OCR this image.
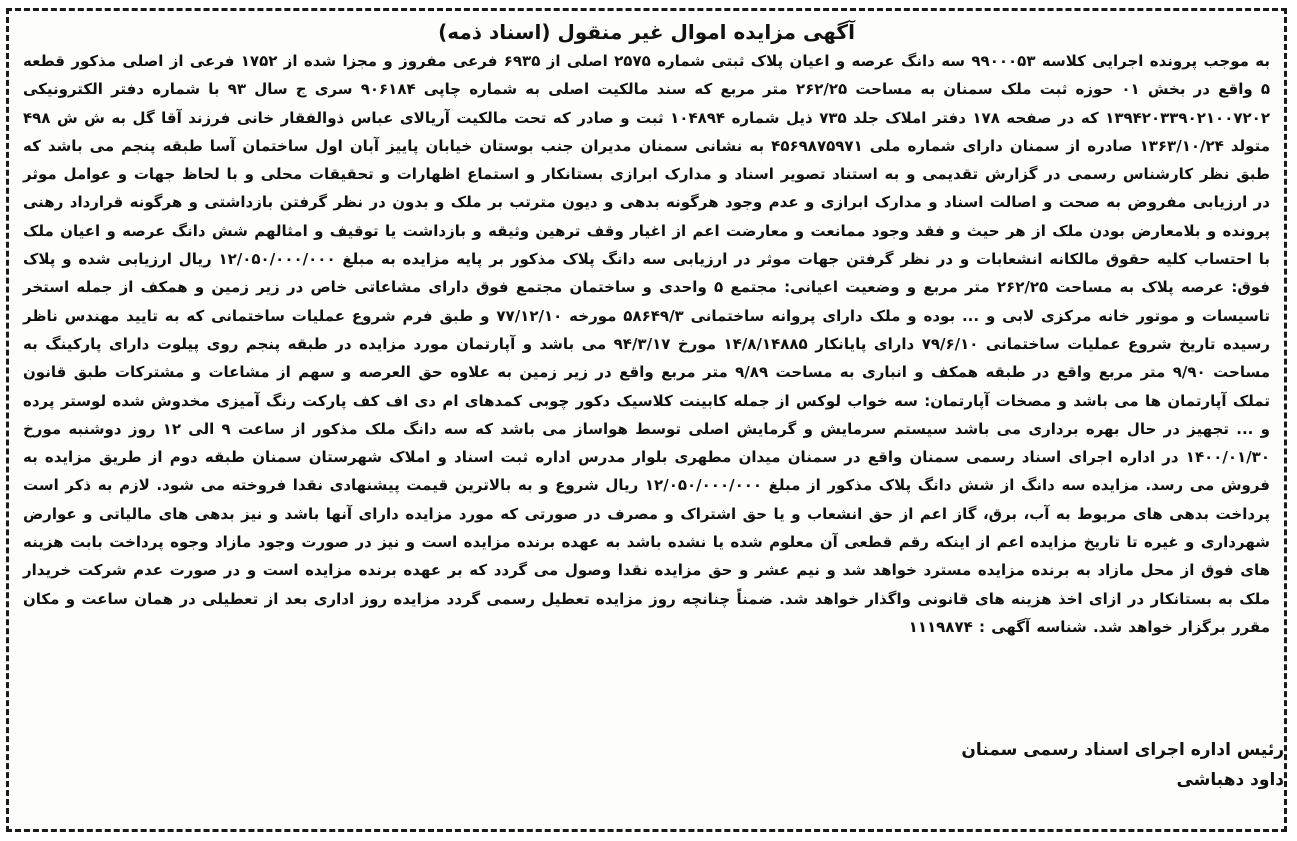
آگهی مزایده اموال غیر منقول (اسناد ذمه)

به موجب پرونده اجرایی کلاسه ۹۹۰۰۰۵۳ سه دانگ عرصه و اعیان پلاک ثبتی شماره ۲۵۷۵ اصلی از ۶۹۳۵ فرعی مفروز و مجزا شده از ۱۷۵۲ فرعی از اصلی مذکور قطعه ۵ واقع در بخش ۰۱ حوزه ثبت ملک سمنان به مساحت ۲۶۲/۲۵ متر مربع که سند مالکیت اصلی به شماره چاپی ۹۰۶۱۸۴ سری ج سال ۹۳ با شماره دفتر الکترونیکی ۱۳۹۴۲۰۳۳۹۰۲۱۰۰۷۲۰۲ که در صفحه ۱۷۸ دفتر املاک جلد ۷۳۵ ذیل شماره ۱۰۴۸۹۴ ثبت و صادر که تحت مالکیت آریالای عباس ذوالفقار خانی فرزند آقا گل به ش ش ۴۹۸ متولد ۱۳۶۳/۱۰/۲۴ صادره از سمنان دارای شماره ملی ۴۵۶۹۸۷۵۹۷۱ به نشانی سمنان مدیران جنب بوستان خیابان پاییز آبان اول ساختمان آسا طبقه پنجم می باشد که طبق نظر کارشناس رسمی در گزارش تقدیمی و به استناد تصویر اسناد و مدارک ابرازی بستانکار و استماع اظهارات و تحقیقات محلی و با لحاظ جهات و عوامل موثر در ارزیابی مفروض به صحت و اصالت اسناد و مدارک ابرازی و عدم وجود هرگونه بدهی و دیون مترتب بر ملک و بدون در نظر گرفتن بازداشتی و هرگونه قرارداد رهنی پرونده و بلامعارض بودن ملک از هر حیث و فقد وجود ممانعت و معارضت اعم از اغیار وقف ترهین وثیقه و بازداشت یا توقیف و امثالهم شش دانگ عرصه و اعیان ملک با احتساب کلیه حقوق مالکانه انشعابات و در نظر گرفتن جهات موثر در ارزیابی سه دانگ پلاک مذکور بر پایه مزایده به مبلغ ۱۲/۰۵۰/۰۰۰/۰۰۰ ریال ارزیابی شده و پلاک فوق: عرصه پلاک به مساحت ۲۶۲/۲۵ متر مربع و وضعیت اعیانی: مجتمع ۵ واحدی و ساختمان مجتمع فوق دارای مشاعاتی خاص در زیر زمین و همکف از جمله استخر تاسیسات و موتور خانه مرکزی لابی و ... بوده و ملک دارای پروانه ساختمانی ۵۸۶۴۹/۳ مورخه ۷۷/۱۲/۱۰ و طبق فرم شروع عملیات ساختمانی که به تایید مهندس ناظر رسیده تاریخ شروع عملیات ساختمانی ۷۹/۶/۱۰ دارای پایانکار ۱۴/۸/۱۴۸۸۵ مورخ ۹۴/۳/۱۷ می باشد و آپارتمان مورد مزایده در طبقه پنجم روی پیلوت دارای پارکینگ به مساحت ۹/۹۰ متر مربع واقع در طبقه همکف و انباری به مساحت ۹/۸۹ متر مربع واقع در زیر زمین به علاوه حق العرصه و سهم از مشاعات و مشترکات طبق قانون تملک آپارتمان ها می باشد و مصخات آپارتمان: سه خواب لوکس از جمله کابینت کلاسیک دکور چوبی کمدهای ام دی اف کف پارکت رنگ آمیزی مخدوش شده لوستر پرده و ... تجهیز در حال بهره برداری می باشد سیستم سرمایش و گرمایش اصلی توسط هواساز می باشد که سه دانگ ملک مذکور از ساعت ۹ الی ۱۲ روز دوشنبه مورخ ۱۴۰۰/۰۱/۳۰ در اداره اجرای اسناد رسمی سمنان واقع در سمنان میدان مطهری بلوار مدرس اداره ثبت اسناد و املاک شهرستان سمنان طبقه دوم از طریق مزایده به فروش می رسد. مزایده سه دانگ از شش دانگ پلاک مذکور از مبلغ ۱۲/۰۵۰/۰۰۰/۰۰۰ ریال شروع و به بالاترین قیمت پیشنهادی نقدا فروخته می شود. لازم به ذکر است پرداخت بدهی های مربوط به آب، برق، گاز اعم از حق انشعاب و یا حق اشتراک و مصرف در صورتی که مورد مزایده دارای آنها باشد و نیز بدهی های مالیاتی و عوارض شهرداری و غیره تا تاریخ مزایده اعم از اینکه رقم قطعی آن معلوم شده یا نشده باشد به عهده برنده مزایده است و نیز در صورت وجود مازاد وجوه پرداخت بابت هزینه های فوق از محل مازاد به برنده مزایده مسترد خواهد شد و نیم عشر و حق مزایده نقدا وصول می گردد که بر عهده برنده مزایده است و در صورت عدم شرکت خریدار ملک به بستانکار در ازای اخذ هزینه های قانونی واگذار خواهد شد. ضمناً چنانچه روز مزایده تعطیل رسمی گردد مزایده روز اداری بعد از تعطیلی در همان ساعت و مکان مقرر برگزار خواهد شد. شناسه آگهی : ۱۱۱۹۸۷۴

رئیس اداره اجرای اسناد رسمی سمنان
داود دهباشی
